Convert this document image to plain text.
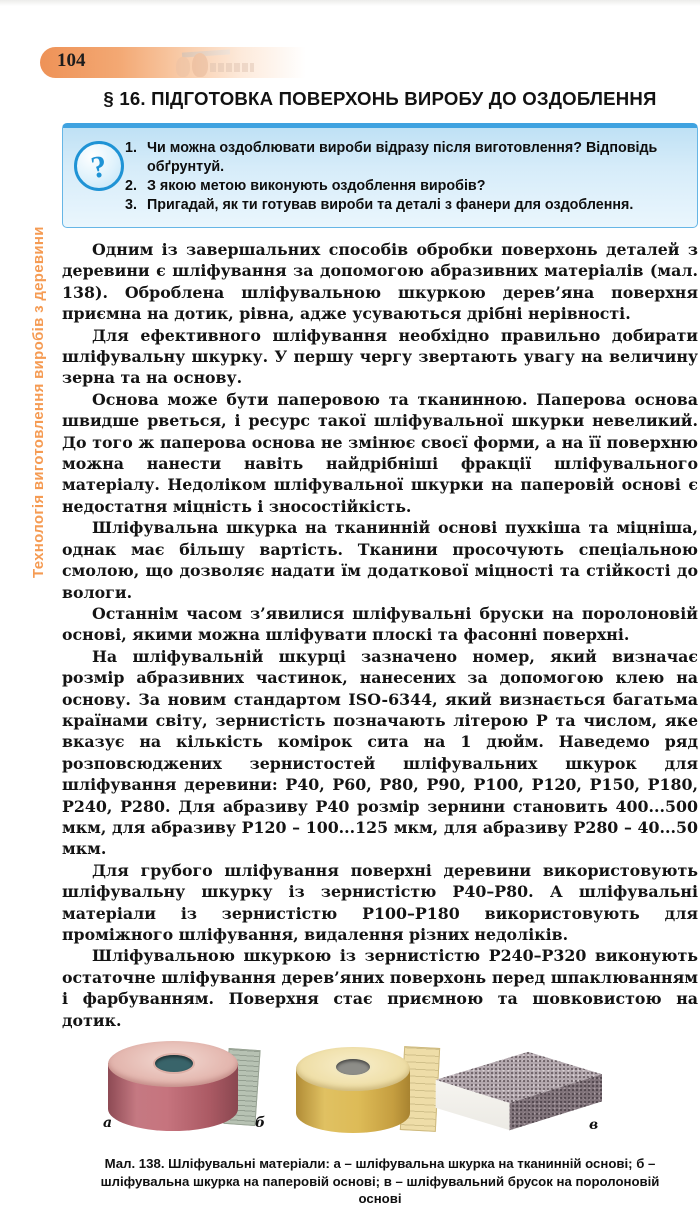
104
Технологія виготовлення виробів з деревини
§ 16. ПІДГОТОВКА ПОВЕРХОНЬ ВИРОБУ ДО ОЗДОБЛЕННЯ
? 1. Чи можна оздоблювати вироби відразу після виготовлення? Відповідь обґрунтуй.
2. З якою метою виконують оздоблення виробів?
3. Пригадай, як ти готував вироби та деталі з фанери для оздоблення.

Одним із завершальних способів обробки поверхонь деталей з деревини є шліфування за допомогою абразивних матеріалів (мал. 138). Оброблена шліфувальною шкуркою дерев’яна поверхня приємна на дотик, рівна, адже усуваються дрібні нерівності.

Для ефективного шліфування необхідно правильно добирати шліфувальну шкурку. У першу чергу звертають увагу на величину зерна та на основу.

Основа може бути паперовою та тканинною. Паперова основа швидше рветься, і ресурс такої шліфувальної шкурки невеликий. До того ж паперова основа не змінює своєї форми, а на її поверхню можна нанести навіть найдрібніші фракції шліфувального матеріалу. Недоліком шліфувальної шкурки на паперовій основі є недостатня міцність і зносостійкість.

Шліфувальна шкурка на тканинній основі пухкіша та міцніша, однак має більшу вартість. Тканини просочують спеціальною смолою, що дозволяє надати їм додаткової міцності та стійкості до вологи.

Останнім часом з’явилися шліфувальні бруски на поролоновій основі, якими можна шліфувати плоскі та фасонні поверхні.

На шліфувальній шкурці зазначено номер, який визначає розмір абразивних частинок, нанесених за допомогою клею на основу. За новим стандартом ISO-6344, який визнається багатьма країнами світу, зернистість позначають літерою Р та числом, яке вказує на кількість комірок сита на 1 дюйм. Наведемо ряд розповсюджених зернистостей шліфувальних шкурок для шліфування деревини: Р40, Р60, Р80, Р90, Р100, Р120, Р150, Р180, Р240, Р280. Для абразиву Р40 розмір зернини становить 400...500 мкм, для абразиву Р120 – 100...125 мкм, для абразиву Р280 – 40...50 мкм.

Для грубого шліфування поверхні деревини використовують шліфувальну шкурку із зернистістю Р40–Р80. А шліфувальні матеріали із зернистістю Р100–Р180 використовують для проміжного шліфування, видалення різних недоліків.

Шліфувальною шкуркою із зернистістю Р240–Р320 виконують остаточне шліфування дерев’яних поверхонь перед шпаклюванням і фарбуванням. Поверхня стає приємною та шовковистою на дотик.

а	б	в
Мал. 138. Шліфувальні матеріали: а – шліфувальна шкурка на тканинній основі; б – шліфувальна шкурка на паперовій основі; в – шліфувальний брусок на поролоновій основі
